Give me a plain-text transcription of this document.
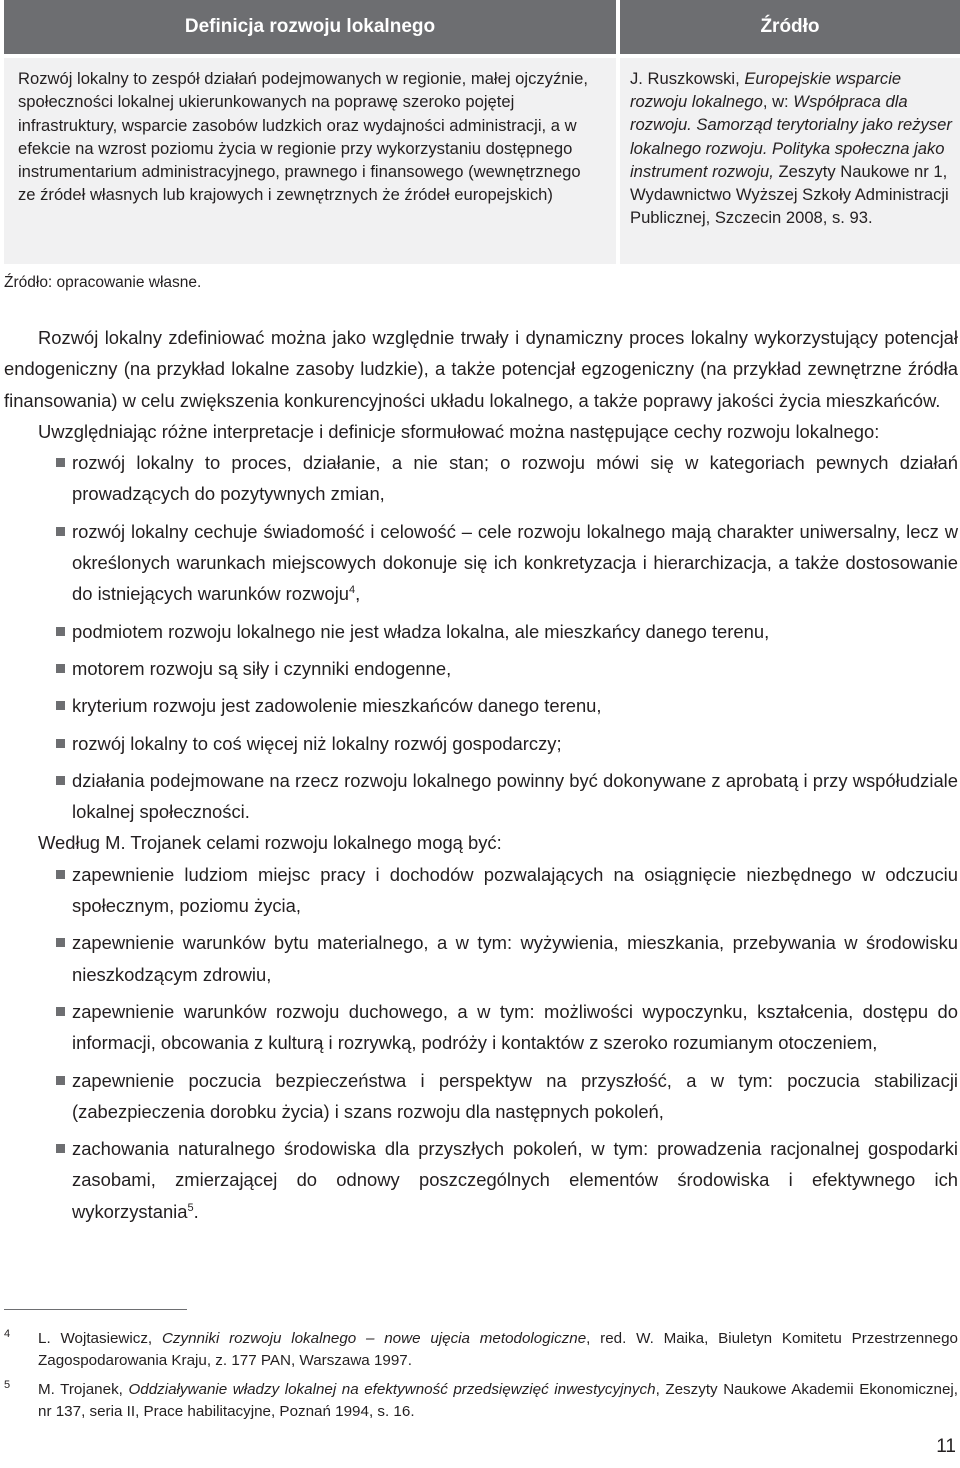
Definicja rozwoju lokalnego	Źródło
Rozwój lokalny to zespół działań podejmowanych w regionie, małej ojczyźnie, społeczności lokalnej ukierunkowanych na poprawę szeroko pojętej infrastruktury, wsparcie zasobów ludzkich oraz wydajności administracji, a w efekcie na wzrost poziomu życia w regionie przy wykorzystaniu dostępnego instrumentarium administracyjnego, prawnego i finansowego (wewnętrznego ze źródeł własnych lub krajowych i zewnętrznych że źródeł europejskich)
J. Ruszkowski, Europejskie wsparcie rozwoju lokalnego, w: Współpraca dla rozwoju. Samorząd terytorialny jako reżyser lokalnego rozwoju. Polityka społeczna jako instrument rozwoju, Zeszyty Naukowe nr 1, Wydawnictwo Wyższej Szkoły Administracji Publicznej, Szczecin 2008, s. 93.
Źródło: opracowanie własne.

Rozwój lokalny zdefiniować można jako względnie trwały i dynamiczny proces lokalny wykorzystujący potencjał endogeniczny (na przykład lokalne zasoby ludzkie), a także potencjał egzogeniczny (na przykład zewnętrzne źródła finansowania) w celu zwiększenia konkurencyjności układu lokalnego, a także poprawy jakości życia mieszkańców.

Uwzględniając różne interpretacje i definicje sformułować można następujące cechy rozwoju lokalnego:

rozwój lokalny to proces, działanie, a nie stan; o rozwoju mówi się w kategoriach pewnych działań prowadzących do pozytywnych zmian,
rozwój lokalny cechuje świadomość i celowość – cele rozwoju lokalnego mają charakter uniwersalny, lecz w określonych warunkach miejscowych dokonuje się ich konkretyzacja i hierarchizacja, a także dostosowanie do istniejących warunków rozwoju$^4$,
podmiotem rozwoju lokalnego nie jest władza lokalna, ale mieszkańcy danego terenu,
motorem rozwoju są siły i czynniki endogenne,
kryterium rozwoju jest zadowolenie mieszkańców danego terenu,
rozwój lokalny to coś więcej niż lokalny rozwój gospodarczy;
działania podejmowane na rzecz rozwoju lokalnego powinny być dokonywane z aprobatą i przy współudziale lokalnej społeczności.

Według M. Trojanek celami rozwoju lokalnego mogą być:

zapewnienie ludziom miejsc pracy i dochodów pozwalających na osiągnięcie niezbędnego w odczuciu społecznym, poziomu życia,
zapewnienie warunków bytu materialnego, a w tym: wyżywienia, mieszkania, przebywania w środowisku nieszkodzącym zdrowiu,
zapewnienie warunków rozwoju duchowego, a w tym: możliwości wypoczynku, kształcenia, dostępu do informacji, obcowania z kulturą i rozrywką, podróży i kontaktów z szeroko rozumianym otoczeniem,
zapewnienie poczucia bezpieczeństwa i perspektyw na przyszłość, a w tym: poczucia stabilizacji (zabezpieczenia dorobku życia) i szans rozwoju dla następnych pokoleń,
zachowania naturalnego środowiska dla przyszłych pokoleń, w tym: prowadzenia racjonalnej gospodarki zasobami, zmierzającej do odnowy poszczególnych elementów środowiska i efektywnego ich wykorzystania$^5$.
4 L. Wojtasiewicz, Czynniki rozwoju lokalnego – nowe ujęcia metodologiczne, red. W. Maika, Biuletyn Komitetu Przestrzennego Zagospodarowania Kraju, z. 177 PAN, Warszawa 1997.
5 M. Trojanek, Oddziaływanie władzy lokalnej na efektywność przedsięwzięć inwestycyjnych, Zeszyty Naukowe Akademii Ekonomicznej, nr 137, seria II, Prace habilitacyjne, Poznań 1994, s. 16.
11
